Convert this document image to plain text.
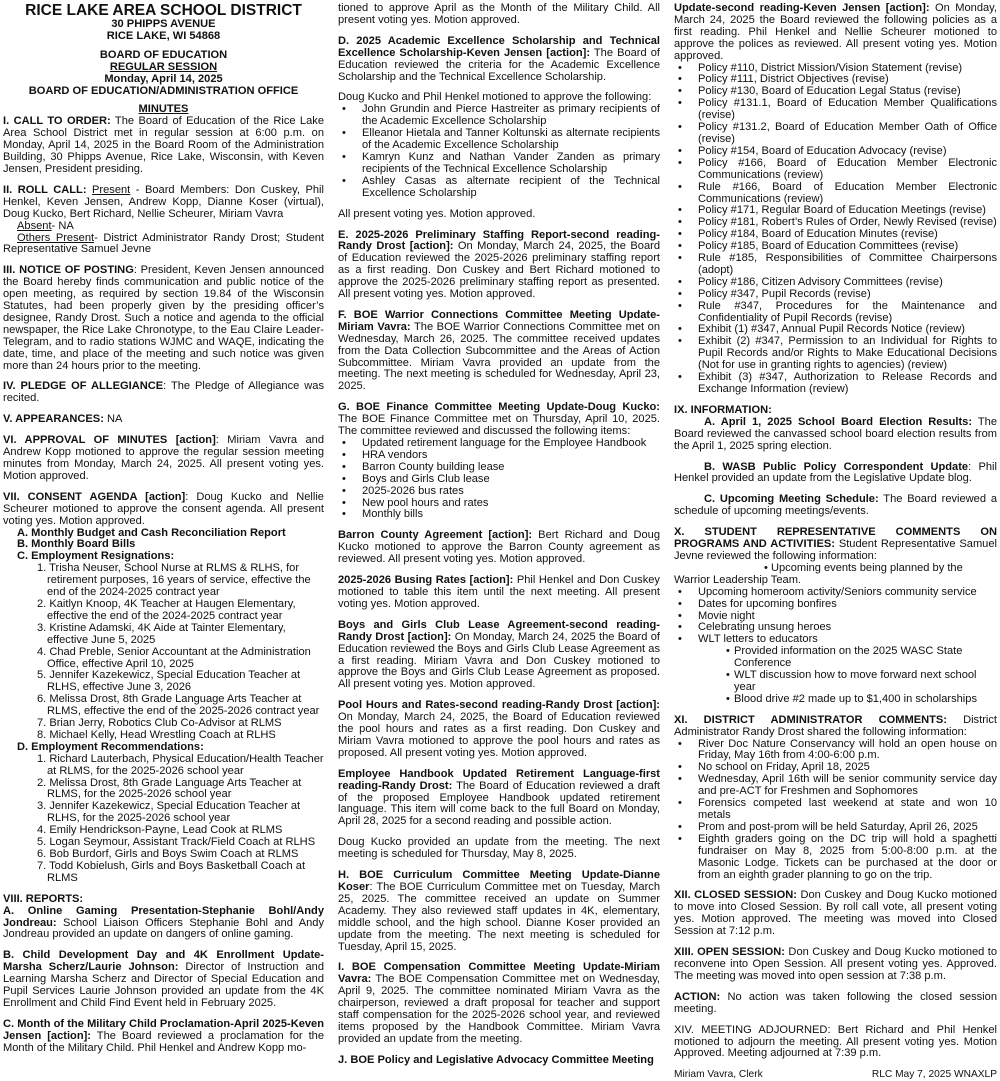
RICE LAKE AREA SCHOOL DISTRICT
30 PHIPPS AVENUE
RICE LAKE, WI 54868
BOARD OF EDUCATION
REGULAR SESSION
Monday, April 14, 2025
BOARD OF EDUCATION/ADMINISTRATION OFFICE
MINUTES

I. CALL TO ORDER: The Board of Education of the Rice Lake Area School District met in regular session at 6:00 p.m. on Monday, April 14, 2025 in the Board Room of the Administration Building, 30 Phipps Avenue, Rice Lake, Wisconsin, with Keven Jensen, President presiding.

II. ROLL CALL: Present - Board Members: Don Cuskey, Phil Henkel, Keven Jensen, Andrew Kopp, Dianne Koser (virtual), Doug Kucko, Bert Richard, Nellie Scheurer, Miriam Vavra
Absent- NA
Others Present- District Administrator Randy Drost; Student Representative Samuel Jevne

III. NOTICE OF POSTING: President, Keven Jensen announced the Board hereby finds communication and public notice of the open meeting, as required by section 19.84 of the Wisconsin Statutes, had been properly given by the presiding officer’s designee, Randy Drost. Such a notice and agenda to the official newspaper, the Rice Lake Chronotype, to the Eau Claire Leader-Telegram, and to radio stations WJMC and WAQE, indicating the date, time, and place of the meeting and such notice was given more than 24 hours prior to the meeting.

IV. PLEDGE OF ALLEGIANCE: The Pledge of Allegiance was recited.

V. APPEARANCES: NA

VI. APPROVAL OF MINUTES [action]: Miriam Vavra and Andrew Kopp motioned to approve the regular session meeting minutes from Monday, March 24, 2025. All present voting yes. Motion approved.

VII. CONSENT AGENDA [action]: Doug Kucko and Nellie Scheurer motioned to approve the consent agenda. All present voting yes. Motion approved.

A. Monthly Budget and Cash Reconciliation Report
B. Monthly Board Bills
C. Employment Resignations:
1. Trisha Neuser, School Nurse at RLMS & RLHS, for retirement purposes, 16 years of service, effective the end of the 2024-2025 contract year
2. Kaitlyn Knoop, 4K Teacher at Haugen Elementary, effective the end of the 2024-2025 contract year
3. Kristine Adamski, 4K Aide at Tainter Elementary, effective June 5, 2025
4. Chad Preble, Senior Accountant at the Administration Office, effective April 10, 2025
5. Jennifer Kazekewicz, Special Education Teacher at RLHS, effective June 3, 2026
6. Melissa Drost, 8th Grade Language Arts Teacher at RLMS, effective the end of the 2025-2026 contract year
7. Brian Jerry, Robotics Club Co-Advisor at RLMS
8. Michael Kelly, Head Wrestling Coach at RLHS
D. Employment Recommendations:
1. Richard Lauterbach, Physical Education/Health Teacher at RLMS, for the 2025-2026 school year
2. Melissa Drost, 8th Grade Language Arts Teacher at RLMS, for the 2025-2026 school year
3. Jennifer Kazekewicz, Special Education Teacher at RLHS, for the 2025-2026 school year
4. Emily Hendrickson-Payne, Lead Cook at RLMS
5. Logan Seymour, Assistant Track/Field Coach at RLHS
6. Bob Burdorf, Girls and Boys Swim Coach at RLMS
7. Todd Kobielush, Girls and Boys Basketball Coach at RLMS
VIII. REPORTS:

A. Online Gaming Presentation-Stephanie Bohl/Andy Jondreau: School Liaison Officers Stephanie Bohl and Andy Jondreau provided an update on dangers of online gaming.

B. Child Development Day and 4K Enrollment Update-Marsha Scherz/Laurie Johnson: Director of Instruction and Learning Marsha Scherz and Director of Special Education and Pupil Services Laurie Johnson provided an update from the 4K Enrollment and Child Find Event held in February 2025.

C. Month of the Military Child Proclamation-April 2025-Keven Jensen [action]: The Board reviewed a proclamation for the Month of the Military Child. Phil Henkel and Andrew Kopp mo-

tioned to approve April as the Month of the Military Child. All present voting yes. Motion approved.

D. 2025 Academic Excellence Scholarship and Technical Excellence Scholarship-Keven Jensen [action]: The Board of Education reviewed the criteria for the Academic Excellence Scholarship and the Technical Excellence Scholarship.

Doug Kucko and Phil Henkel motioned to approve the following:
• John Grundin and Pierce Hastreiter as primary recipients of the Academic Excellence Scholarship
• Elleanor Hietala and Tanner Koltunski as alternate recipients of the Academic Excellence Scholarship
• Kamryn Kunz and Nathan Vander Zanden as primary recipients of the Technical Excellence Scholarship
• Ashley Casas as alternate recipient of the Technical Excellence Scholarship

All present voting yes. Motion approved.

E. 2025-2026 Preliminary Staffing Report-second reading-Randy Drost [action]: On Monday, March 24, 2025, the Board of Education reviewed the 2025-2026 preliminary staffing report as a first reading. Don Cuskey and Bert Richard motioned to approve the 2025-2026 preliminary staffing report as presented. All present voting yes. Motion approved.

F. BOE Warrior Connections Committee Meeting Update-Miriam Vavra: The BOE Warrior Connections Committee met on Wednesday, March 26, 2025. The committee received updates from the Data Collection Subcommittee and the Areas of Action Subcommittee. Miriam Vavra provided an update from the meeting. The next meeting is scheduled for Wednesday, April 23, 2025.

G. BOE Finance Committee Meeting Update-Doug Kucko: The BOE Finance Committee met on Thursday, April 10, 2025. The committee reviewed and discussed the following items:

• Updated retirement language for the Employee Handbook
• HRA vendors
• Barron County building lease
• Boys and Girls Club lease
• 2025-2026 bus rates
• New pool hours and rates
• Monthly bills

Barron County Agreement [action]: Bert Richard and Doug Kucko motioned to approve the Barron County agreement as reviewed. All present voting yes. Motion approved.

2025-2026 Busing Rates [action]: Phil Henkel and Don Cuskey motioned to table this item until the next meeting. All present voting yes. Motion approved.

Boys and Girls Club Lease Agreement-second reading-Randy Drost [action]: On Monday, March 24, 2025 the Board of Education reviewed the Boys and Girls Club Lease Agreement as a first reading. Miriam Vavra and Don Cuskey motioned to approve the Boys and Girls Club Lease Agreement as proposed. All present voting yes. Motion approved.

Pool Hours and Rates-second reading-Randy Drost [action]: On Monday, March 24, 2025, the Board of Education reviewed the pool hours and rates as a first reading. Don Cuskey and Miriam Vavra motioned to approve the pool hours and rates as proposed. All present voting yes. Motion approved.

Employee Handbook Updated Retirement Language-first reading-Randy Drost: The Board of Education reviewed a draft of the proposed Employee Handbook updated retirement language. This item will come back to the full Board on Monday, April 28, 2025 for a second reading and possible action.

Doug Kucko provided an update from the meeting. The next meeting is scheduled for Thursday, May 8, 2025.

H. BOE Curriculum Committee Meeting Update-Dianne Koser: The BOE Curriculum Committee met on Tuesday, March 25, 2025. The committee received an update on Summer Academy. They also reviewed staff updates in 4K, elementary, middle school, and the high school. Dianne Koser provided an update from the meeting. The next meeting is scheduled for Tuesday, April 15, 2025.

I. BOE Compensation Committee Meeting Update-Miriam Vavra: The BOE Compensation Committee met on Wednesday, April 9, 2025. The committee nominated Miriam Vavra as the chairperson, reviewed a draft proposal for teacher and support staff compensation for the 2025-2026 school year, and reviewed items proposed by the Handbook Committee. Miriam Vavra provided an update from the meeting.

J. BOE Policy and Legislative Advocacy Committee Meeting

Update-second reading-Keven Jensen [action]: On Monday, March 24, 2025 the Board reviewed the following policies as a first reading. Phil Henkel and Nellie Scheurer motioned to approve the polices as reviewed. All present voting yes. Motion approved.

• Policy #110, District Mission/Vision Statement (revise)
• Policy #111, District Objectives (revise)
• Policy #130, Board of Education Legal Status (revise)
• Policy #131.1, Board of Education Member Qualifications (revise)
• Policy #131.2, Board of Education Member Oath of Office (revise)
• Policy #154, Board of Education Advocacy (revise)
• Policy #166, Board of Education Member Electronic Communications (review)
• Rule #166, Board of Education Member Electronic Communications (review)
• Policy #171, Regular Board of Education Meetings (revise)
• Policy #181, Robert’s Rules of Order, Newly Revised (revise)
• Policy #184, Board of Education Minutes (revise)
• Policy #185, Board of Education Committees (revise)
• Rule #185, Responsibilities of Committee Chairpersons (adopt)
• Policy #186, Citizen Advisory Committees (revise)
• Policy #347, Pupil Records (revise)
• Rule #347, Procedures for the Maintenance and Confidentiality of Pupil Records (revise)
• Exhibit (1) #347, Annual Pupil Records Notice (review)
• Exhibit (2) #347, Permission to an Individual for Rights to Pupil Records and/or Rights to Make Educational Decisions (Not for use in granting rights to agencies) (review)
• Exhibit (3) #347, Authorization to Release Records and Exchange Information (review)
IX. INFORMATION:

A. April 1, 2025 School Board Election Results: The Board reviewed the canvassed school board election results from the April 1, 2025 spring election.

B. WASB Public Policy Correspondent Update: Phil Henkel provided an update from the Legislative Update blog.

C. Upcoming Meeting Schedule: The Board reviewed a schedule of upcoming meetings/events.

X. STUDENT REPRESENTATIVE COMMENTS ON PROGRAMS AND ACTIVITIES: Student Representative Samuel Jevne reviewed the following information:

• Upcoming events being planned by the Warrior Leadership Team.
• Upcoming homeroom activity/Seniors community service
• Dates for upcoming bonfires
• Movie night
• Celebrating unsung heroes
• WLT letters to educators
• Provided information on the 2025 WASC State Conference
• WLT discussion how to move forward next school year
• Blood drive #2 made up to $1,400 in scholarships

XI. DISTRICT ADMINISTRATOR COMMENTS: District Administrator Randy Drost shared the following information:

• River Doc Nature Conservancy will hold an open house on Friday, May 16th from 4:00-6:00 p.m.
• No school on Friday, April 18, 2025
• Wednesday, April 16th will be senior community service day and pre-ACT for Freshmen and Sophomores
• Forensics competed last weekend at state and won 10 metals
• Prom and post-prom will be held Saturday, April 26, 2025
• Eighth graders going on the DC trip will hold a spaghetti fundraiser on May 8, 2025 from 5:00-8:00 p.m. at the Masonic Lodge. Tickets can be purchased at the door or from an eighth grader planning to go on the trip.

XII. CLOSED SESSION: Don Cuskey and Doug Kucko motioned to move into Closed Session. By roll call vote, all present voting yes. Motion approved. The meeting was moved into Closed Session at 7:12 p.m.

XIII. OPEN SESSION: Don Cuskey and Doug Kucko motioned to reconvene into Open Session. All present voting yes. Approved. The meeting was moved into open session at 7:38 p.m.

ACTION: No action was taken following the closed session meeting.

XIV. MEETING ADJOURNED: Bert Richard and Phil Henkel motioned to adjourn the meeting. All present voting yes. Motion Approved. Meeting adjourned at 7:39 p.m.

Miriam Vavra, Clerk	RLC May 7, 2025 WNAXLP
